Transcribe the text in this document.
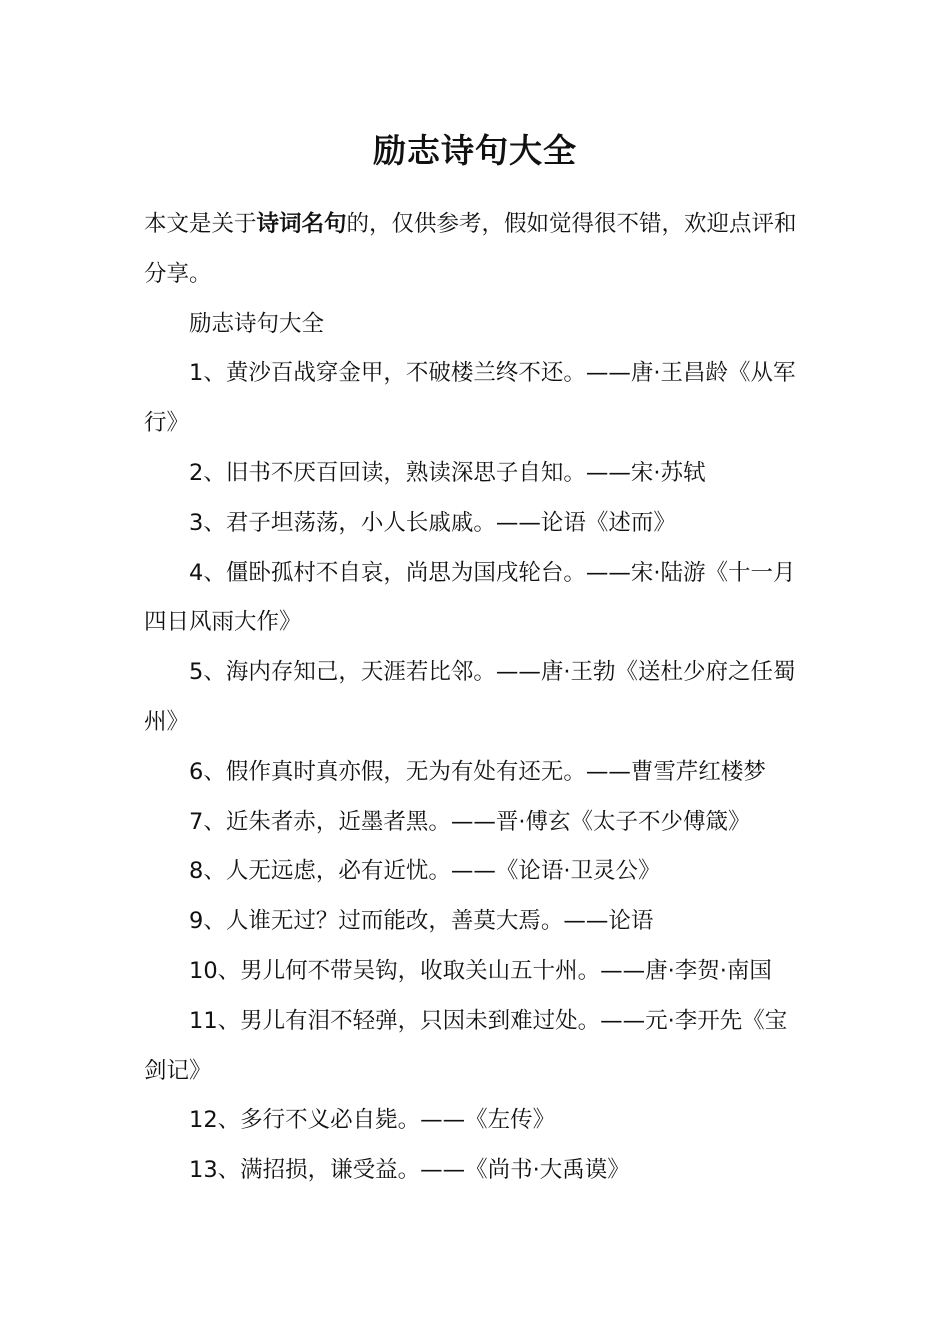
励志诗句大全

本文是关于诗词名句的，仅供参考，假如觉得很不错，欢迎点评和分享。

励志诗句大全

1、黄沙百战穿金甲，不破楼兰终不还。——唐·王昌龄《从军行》

2、旧书不厌百回读，熟读深思子自知。——宋·苏轼

3、君子坦荡荡，小人长戚戚。——论语《述而》

4、僵卧孤村不自哀，尚思为国戌轮台。——宋·陆游《十一月四日风雨大作》

5、海内存知己，天涯若比邻。——唐·王勃《送杜少府之任蜀州》

6、假作真时真亦假，无为有处有还无。——曹雪芹红楼梦

7、近朱者赤，近墨者黑。——晋·傅玄《太子不少傅箴》

8、人无远虑，必有近忧。——《论语·卫灵公》

9、人谁无过？过而能改，善莫大焉。——论语

10、男儿何不带吴钩，收取关山五十州。——唐·李贺·南国

11、男儿有泪不轻弹，只因未到难过处。——元·李开先《宝剑记》

12、多行不义必自毙。——《左传》

13、满招损，谦受益。——《尚书·大禹谟》
